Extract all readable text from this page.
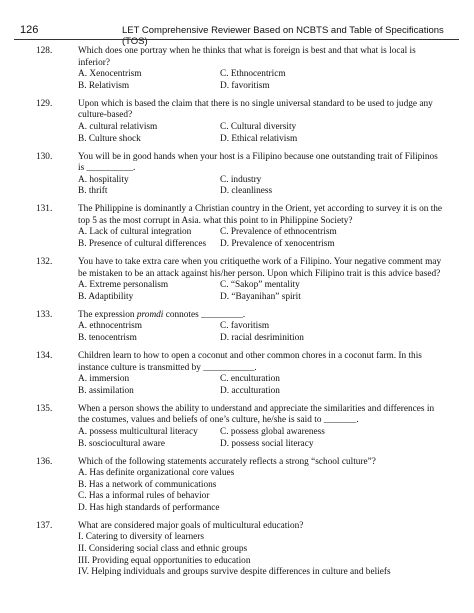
126	LET Comprehensive Reviewer Based on NCBTS and Table of Specifications (TOS)
128.	Which does one portray when he thinks that what is foreign is best and that what is local is inferior?

A. Xenocentrism	C. Ethnocentricm
B. Relativism	D. favoritism
129.	Upon which is based the claim that there is no single universal standard to be used to judge any culture-based?

A. cultural relativism	C. Cultural diversity
B. Culture shock	D. Ethical relativism
130.	You will be in good hands when your host is a Filipino because one outstanding trait of Filipinos is __________.

A. hospitality	C. industry
B. thrift	D. cleanliness
131.	The Philippine is dominantly a Christian country in the Orient, yet according to survey it is on the top 5 as the most corrupt in Asia. what this point to in Philippine Society?

A. Lack of cultural integration	C. Prevalence of ethnocentrism
B. Presence of cultural differences	D. Prevalence of xenocentrism
132.	You have to take extra care when you critiquethe work of a Filipino. Your negative comment may be mistaken to be an attack against his/her person. Upon which Filipino trait is this advice based?

A. Extreme personalism	C. “Sakop” mentality
B. Adaptibility	D. “Bayanihan” spirit
133.	The expression promdi connotes _________.

A. ethnocentrism	C. favoritism
B. tenocentrism	D. racial desriminition
134.	Children learn to how to open a coconut and other common chores in a coconut farm. In this instance culture is transmitted by ___________.

A. immersion	C. enculturation
B. assimilation	D. acculturation
135.	When a person shows the ability to understand and appreciate the similarities and differences in the costumes, values and beliefs of one’s culture, he/she is said to _______.

A. possess multicultural literacy	C. possess global awareness
B. sosciocultural aware	D. possess social literacy
136.	Which of the following statements accurately reflects a strong “school culture”?

A. Has definite organizational core values
B. Has a network of communications
C. Has a informal rules of behavior
D. Has high standards of performance
137.	What are considered major goals of multicultural education?

I. Catering to diversity of learners
II. Considering social class and ethnic groups
III. Providing equal opportunities to education
IV. Helping individuals and groups survive despite differences in culture and beliefs
